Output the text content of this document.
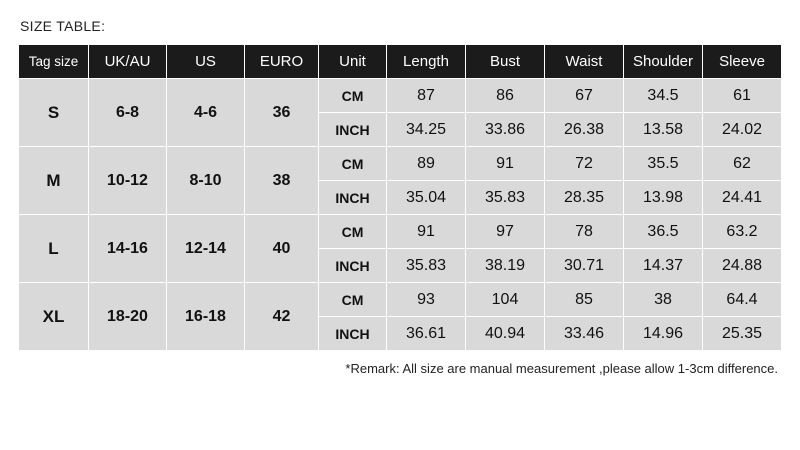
SIZE TABLE:
Tag size	UK/AU	US	EURO	Unit	Length	Bust	Waist	Shoulder	Sleeve
S	6-8	4-6	36	CM	87	86	67	34.5	61
				INCH	34.25	33.86	26.38	13.58	24.02
M	10-12	8-10	38	CM	89	91	72	35.5	62
				INCH	35.04	35.83	28.35	13.98	24.41
L	14-16	12-14	40	CM	91	97	78	36.5	63.2
				INCH	35.83	38.19	30.71	14.37	24.88
XL	18-20	16-18	42	CM	93	104	85	38	64.4
				INCH	36.61	40.94	33.46	14.96	25.35
*Remark: All size are manual measurement ,please allow 1-3cm difference.
